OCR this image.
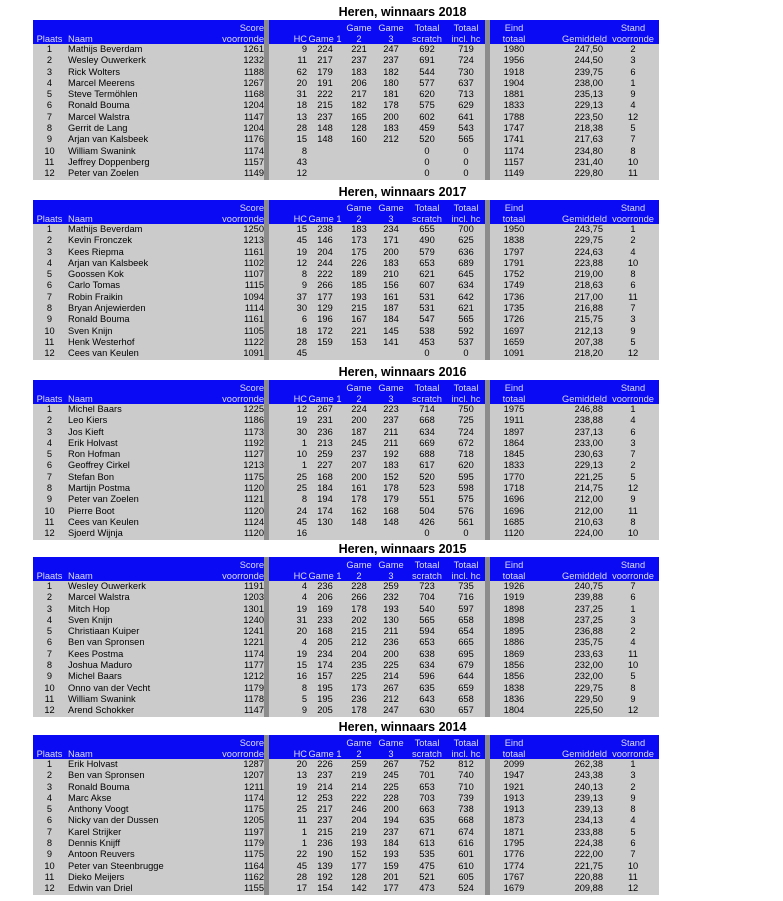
Heren, winnaars 2018
Plaats	Naam	Score
voorronde		HC	Game 1	Game 2	Game 3	Totaal
scratch	Totaal
incl. hc		Eind
totaal	Gemiddeld	Stand
voorronde	
1	Mathijs Beverdam	1261		9	224	221	247	692	719		1980	247,50	2	
2	Wesley Ouwerkerk	1232		11	217	237	237	691	724		1956	244,50	3	
3	Rick Wolters	1188		62	179	183	182	544	730		1918	239,75	6	
4	Marcel Meerens	1267		20	191	206	180	577	637		1904	238,00	1	
5	Steve Termöhlen	1168		31	222	217	181	620	713		1881	235,13	9	
6	Ronald Bouma	1204		18	215	182	178	575	629		1833	229,13	4	
7	Marcel Walstra	1147		13	237	165	200	602	641		1788	223,50	12	
8	Gerrit de Lang	1204		28	148	128	183	459	543		1747	218,38	5	
9	Arjan van Kalsbeek	1176		15	148	160	212	520	565		1741	217,63	7	
10	William Swanink	1174		8				0	0		1174	234,80	8	
11	Jeffrey Doppenberg	1157		43				0	0		1157	231,40	10	
12	Peter van Zoelen	1149		12				0	0		1149	229,80	11	
Heren, winnaars 2017
Plaats	Naam	Score
voorronde		HC	Game 1	Game 2	Game 3	Totaal
scratch	Totaal
incl. hc		Eind
totaal	Gemiddeld	Stand
voorronde	
1	Mathijs Beverdam	1250		15	238	183	234	655	700		1950	243,75	1	
2	Kevin Fronczek	1213		45	146	173	171	490	625		1838	229,75	2	
3	Kees Riepma	1161		19	204	175	200	579	636		1797	224,63	4	
4	Arjan van Kalsbeek	1102		12	244	226	183	653	689		1791	223,88	10	
5	Goossen Kok	1107		8	222	189	210	621	645		1752	219,00	8	
6	Carlo Tomas	1115		9	266	185	156	607	634		1749	218,63	6	
7	Robin Fraikin	1094		37	177	193	161	531	642		1736	217,00	11	
8	Bryan Anjewierden	1114		30	129	215	187	531	621		1735	216,88	7	
9	Ronald Bouma	1161		6	196	167	184	547	565		1726	215,75	3	
10	Sven Knijn	1105		18	172	221	145	538	592		1697	212,13	9	
11	Henk Westerhof	1122		28	159	153	141	453	537		1659	207,38	5	
12	Cees van Keulen	1091		45				0	0		1091	218,20	12	
Heren, winnaars 2016
Plaats	Naam	Score
voorronde		HC	Game 1	Game 2	Game 3	Totaal
scratch	Totaal
incl. hc		Eind
totaal	Gemiddeld	Stand
voorronde	
1	Michel Baars	1225		12	267	224	223	714	750		1975	246,88	1	
2	Leo Kiers	1186		19	231	200	237	668	725		1911	238,88	4	
3	Jos Kieft	1173		30	236	187	211	634	724		1897	237,13	6	
4	Erik Holvast	1192		1	213	245	211	669	672		1864	233,00	3	
5	Ron Hofman	1127		10	259	237	192	688	718		1845	230,63	7	
6	Geoffrey Cirkel	1213		1	227	207	183	617	620		1833	229,13	2	
7	Stefan Bon	1175		25	168	200	152	520	595		1770	221,25	5	
8	Martijn Postma	1120		25	184	161	178	523	598		1718	214,75	12	
9	Peter van Zoelen	1121		8	194	178	179	551	575		1696	212,00	9	
10	Pierre Boot	1120		24	174	162	168	504	576		1696	212,00	11	
11	Cees van Keulen	1124		45	130	148	148	426	561		1685	210,63	8	
12	Sjoerd Wijnja	1120		16				0	0		1120	224,00	10	
Heren, winnaars 2015
Plaats	Naam	Score
voorronde		HC	Game 1	Game 2	Game 3	Totaal
scratch	Totaal
incl. hc		Eind
totaal	Gemiddeld	Stand
voorronde	
1	Wesley Ouwerkerk	1191		4	236	228	259	723	735		1926	240,75	7	
2	Marcel Walstra	1203		4	206	266	232	704	716		1919	239,88	6	
3	Mitch Hop	1301		19	169	178	193	540	597		1898	237,25	1	
4	Sven Knijn	1240		31	233	202	130	565	658		1898	237,25	3	
5	Christiaan Kuiper	1241		20	168	215	211	594	654		1895	236,88	2	
6	Ben van Spronsen	1221		4	205	212	236	653	665		1886	235,75	4	
7	Kees Postma	1174		19	234	204	200	638	695		1869	233,63	11	
8	Joshua Maduro	1177		15	174	235	225	634	679		1856	232,00	10	
9	Michel Baars	1212		16	157	225	214	596	644		1856	232,00	5	
10	Onno van der Vecht	1179		8	195	173	267	635	659		1838	229,75	8	
11	William Swanink	1178		5	195	236	212	643	658		1836	229,50	9	
12	Arend Schokker	1147		9	205	178	247	630	657		1804	225,50	12	
Heren, winnaars 2014
Plaats	Naam	Score
voorronde		HC	Game 1	Game 2	Game 3	Totaal
scratch	Totaal
incl. hc		Eind
totaal	Gemiddeld	Stand
voorronde	
1	Erik Holvast	1287		20	226	259	267	752	812		2099	262,38	1	
2	Ben van Spronsen	1207		13	237	219	245	701	740		1947	243,38	3	
3	Ronald Bouma	1211		19	214	214	225	653	710		1921	240,13	2	
4	Marc Akse	1174		12	253	222	228	703	739		1913	239,13	9	
5	Anthony Voogt	1175		25	217	246	200	663	738		1913	239,13	8	
6	Nicky van der Dussen	1205		11	237	204	194	635	668		1873	234,13	4	
7	Karel Strijker	1197		1	215	219	237	671	674		1871	233,88	5	
8	Dennis Knijff	1179		1	236	193	184	613	616		1795	224,38	6	
9	Antoon Reuvers	1175		22	190	152	193	535	601		1776	222,00	7	
10	Peter van Steenbrugge	1164		45	139	177	159	475	610		1774	221,75	10	
11	Dieko Meijers	1162		28	192	128	201	521	605		1767	220,88	11	
12	Edwin van Driel	1155		17	154	142	177	473	524		1679	209,88	12	
